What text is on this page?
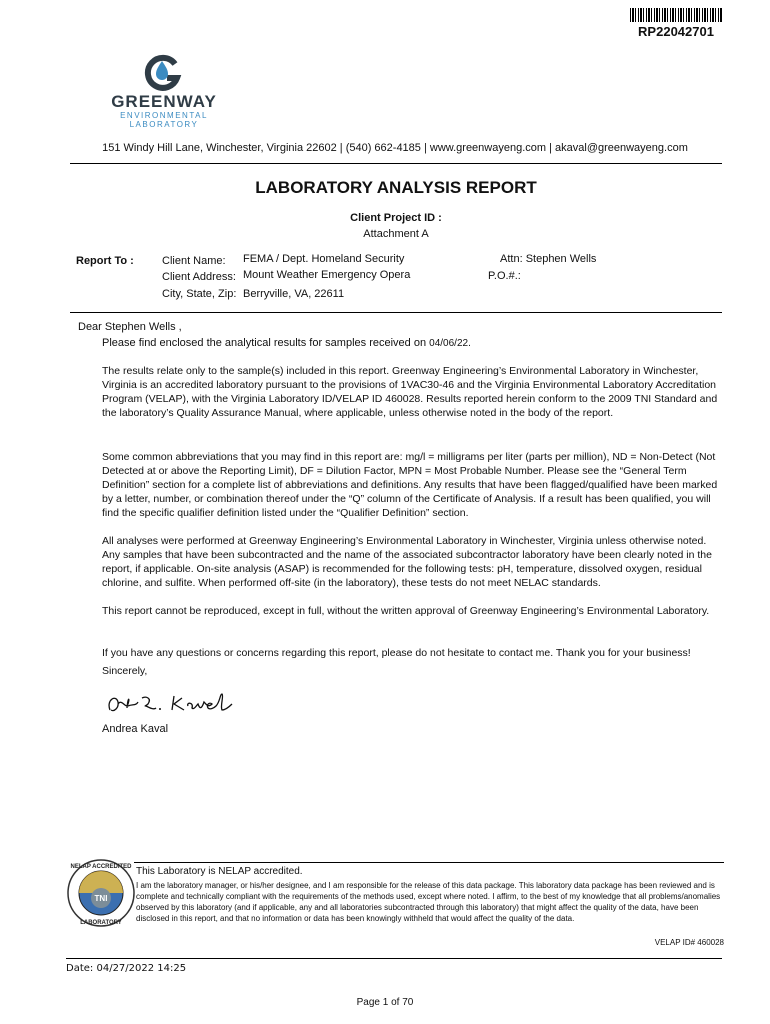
RP22042701
GREENWAY
ENVIRONMENTAL
LABORATORY
151 Windy Hill Lane, Winchester, Virginia 22602 | (540) 662-4185 | www.greenwayeng.com | akaval@greenwayeng.com
LABORATORY ANALYSIS REPORT
Client Project ID :
Attachment A
Report To :	Client Name: FEMA / Dept. Homeland Security
Client Address: Mount Weather Emergency Opera
City, State, Zip: Berryville, VA, 22611
Attn: Stephen Wells
P.O.#.:
Dear Stephen Wells ,
Please find enclosed the analytical results for samples received on 04/06/22.
The results relate only to the sample(s) included in this report. Greenway Engineering’s Environmental Laboratory in Winchester, Virginia is an accredited laboratory pursuant to the provisions of 1VAC30-46 and the Virginia Environmental Laboratory Accreditation Program (VELAP), with the Virginia Laboratory ID/VELAP ID 460028. Results reported herein conform to the 2009 TNI Standard and the laboratory’s Quality Assurance Manual, where applicable, unless otherwise noted in the body of the report.
Some common abbreviations that you may find in this report are: mg/l = milligrams per liter (parts per million), ND = Non-Detect (Not Detected at or above the Reporting Limit), DF = Dilution Factor, MPN = Most Probable Number. Please see the “General Term Definition” section for a complete list of abbreviations and definitions. Any results that have been flagged/qualified have been marked by a letter, number, or combination thereof under the “Q” column of the Certificate of Analysis. If a result has been qualified, you will find the specific qualifier definition listed under the “Qualifier Definition” section.
All analyses were performed at Greenway Engineering’s Environmental Laboratory in Winchester, Virginia unless otherwise noted. Any samples that have been subcontracted and the name of the associated subcontractor laboratory have been clearly noted in the report, if applicable. On-site analysis (ASAP) is recommended for the following tests: pH, temperature, dissolved oxygen, residual chlorine, and sulfite. When performed off-site (in the laboratory), these tests do not meet NELAC standards.
This report cannot be reproduced, except in full, without the written approval of Greenway Engineering’s Environmental Laboratory.
If you have any questions or concerns regarding this report, please do not hesitate to contact me. Thank you for your business!
Sincerely,
Andrea Kaval
TNI
NELAP ACCREDITED
LABORATORY
This Laboratory is NELAP accredited.
I am the laboratory manager, or his/her designee, and I am responsible for the release of this data package. This laboratory data package has been reviewed and is complete and technically compliant with the requirements of the methods used, except where noted. I affirm, to the best of my knowledge that all problems/anomalies observed by this laboratory (and if applicable, any and all laboratories subcontracted through this laboratory) that might affect the quality of the data, have been disclosed in this report, and that no information or data has been knowingly withheld that would affect the quality of the data.
VELAP ID# 460028
Date: 04/27/2022 14:25
Page 1 of 70
